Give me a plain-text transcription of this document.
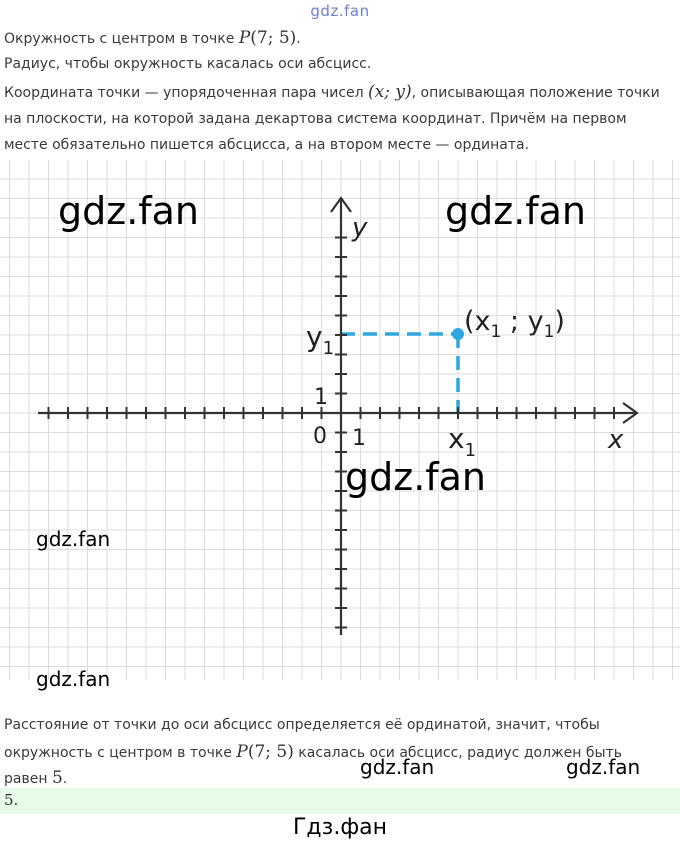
gdz.fan
Окружность с центром в точке P(7; 5).
Радиус, чтобы окружность касалась оси абсцисс.
Координата точки — упорядоченная пара чисел (x; y), описывающая положение точки на плоскости, на которой задана декартова система координат. Причём на первом месте обязательно пишется абсцисса, а на втором месте — ордината.
y
x
0 1
1
$y_1$
$x_1$
($x_1$ ; $y_1$)
gdz.fan	gdz.fan
gdz.fan
gdz.fan
gdz.fan
Расстояние от точки до оси абсцисс определяется её ординатой, значит, чтобы
окружность с центром в точке P(7; 5) касалась оси абсцисс, радиус должен быть
равен 5.	gdz.fan	gdz.fan
5.
Гдз.фан
